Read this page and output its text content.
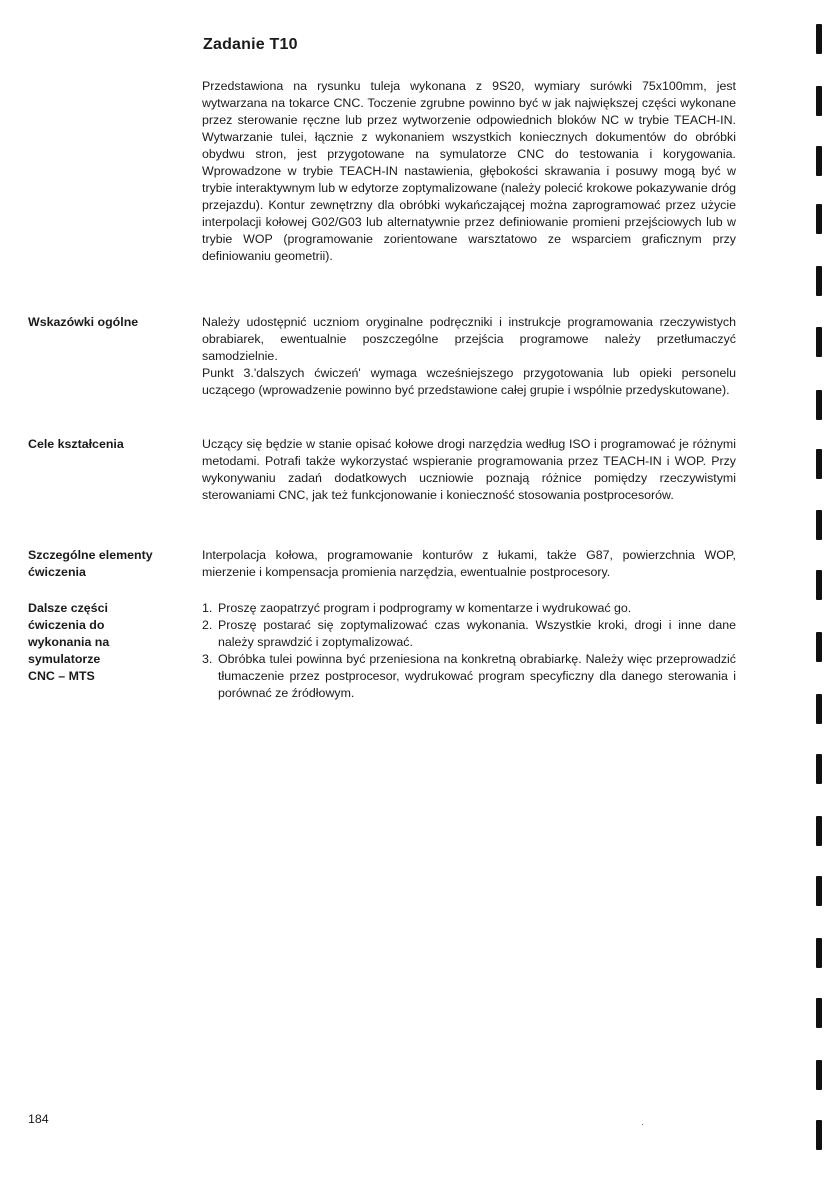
Zadanie T10

Przedstawiona na rysunku tuleja wykonana z 9S20, wymiary surówki 75x100mm, jest wytwarzana na tokarce CNC. Toczenie zgrubne powinno być w jak największej części wykonane przez sterowanie ręczne lub przez wytworzenie odpowiednich bloków NC w trybie TEACH-IN. Wytwarzanie tulei, łącznie z wykonaniem wszystkich koniecznych dokumentów do obróbki obydwu stron, jest przygotowane na symulatorze CNC do testowania i korygowania. Wprowadzone w trybie TEACH-IN nastawienia, głębokości skrawania i posuwy mogą być w trybie interaktywnym lub w edytorze zoptymalizowane (należy polecić krokowe pokazywanie dróg przejazdu). Kontur zewnętrzny dla obróbki wykańczającej można zaprogramować przez użycie interpolacji kołowej G02/G03 lub alternatywnie przez definiowanie promieni przejściowych lub w trybie WOP (programowanie zorientowane warsztatowo ze wsparciem graficznym przy definiowaniu geometrii).

Wskazówki ogólne	Należy udostępnić uczniom oryginalne podręczniki i instrukcje programowania rzeczywistych obrabiarek, ewentualnie poszczególne przejścia programowe należy przetłumaczyć samodzielnie.

Punkt 3.'dalszych ćwiczeń' wymaga wcześniejszego przygotowania lub opieki personelu uczącego (wprowadzenie powinno być przedstawione całej grupie i wspólnie przedyskutowane).

Cele kształcenia	Uczący się będzie w stanie opisać kołowe drogi narzędzia według ISO i programować je różnymi metodami. Potrafi także wykorzystać wspieranie programowania przez TEACH-IN i WOP. Przy wykonywaniu zadań dodatkowych uczniowie poznają różnice pomiędzy rzeczywistymi sterowaniami CNC, jak też funkcjonowanie i konieczność stosowania postprocesorów.

Szczególne elementy
ćwiczenia

Interpolacja kołowa, programowanie konturów z łukami, także G87, powierzchnia WOP, mierzenie i kompensacja promienia narzędzia, ewentualnie postprocesory.

Dalsze części
ćwiczenia do
wykonania na
symulatorze
CNC – MTS
1. Proszę zaopatrzyć program i podprogramy w komentarze i wydrukować go.
2. Proszę postarać się zoptymalizować czas wykonania. Wszystkie kroki, drogi i inne dane należy sprawdzić i zoptymalizować.
3. Obróbka tulei powinna być przeniesiona na konkretną obrabiarkę. Należy więc przeprowadzić tłumaczenie przez postprocesor, wydrukować program specyficzny dla danego sterowania i porównać ze źródłowym.
184
